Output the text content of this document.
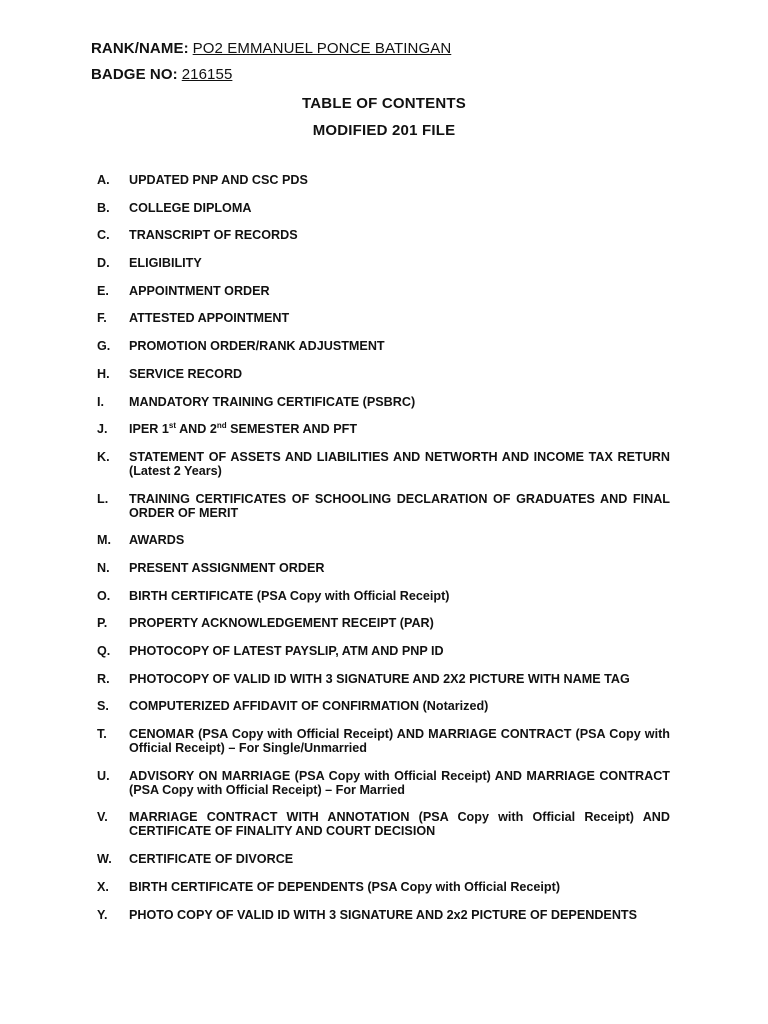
RANK/NAME: PO2 EMMANUEL PONCE BATINGAN
BADGE NO: 216155
TABLE OF CONTENTS
MODIFIED 201 FILE
A.	UPDATED PNP AND CSC PDS
B.	COLLEGE DIPLOMA
C.	TRANSCRIPT OF RECORDS
D.	ELIGIBILITY
E.	APPOINTMENT ORDER
F.	ATTESTED APPOINTMENT
G.	PROMOTION ORDER/RANK ADJUSTMENT
H.	SERVICE RECORD
I.	MANDATORY TRAINING CERTIFICATE (PSBRC)
J.	IPER 1st AND 2nd SEMESTER AND PFT
K.	STATEMENT OF ASSETS AND LIABILITIES AND NETWORTH AND INCOME TAX RETURN (Latest 2 Years)
L.	TRAINING CERTIFICATES OF SCHOOLING DECLARATION OF GRADUATES AND FINAL ORDER OF MERIT
M.	AWARDS
N.	PRESENT ASSIGNMENT ORDER
O.	BIRTH CERTIFICATE (PSA Copy with Official Receipt)
P.	PROPERTY ACKNOWLEDGEMENT RECEIPT (PAR)
Q.	PHOTOCOPY OF LATEST PAYSLIP, ATM AND PNP ID
R.	PHOTOCOPY OF VALID ID WITH 3 SIGNATURE AND 2X2 PICTURE WITH NAME TAG
S.	COMPUTERIZED AFFIDAVIT OF CONFIRMATION (Notarized)
T.	CENOMAR (PSA Copy with Official Receipt) AND MARRIAGE CONTRACT (PSA Copy with Official Receipt) – For Single/Unmarried
U.	ADVISORY ON MARRIAGE (PSA Copy with Official Receipt) AND MARRIAGE CONTRACT (PSA Copy with Official Receipt) – For Married
V.	MARRIAGE CONTRACT WITH ANNOTATION (PSA Copy with Official Receipt) AND CERTIFICATE OF FINALITY AND COURT DECISION
W.	CERTIFICATE OF DIVORCE
X.	BIRTH CERTIFICATE OF DEPENDENTS (PSA Copy with Official Receipt)
Y.	PHOTO COPY OF VALID ID WITH 3 SIGNATURE AND 2x2 PICTURE OF DEPENDENTS
